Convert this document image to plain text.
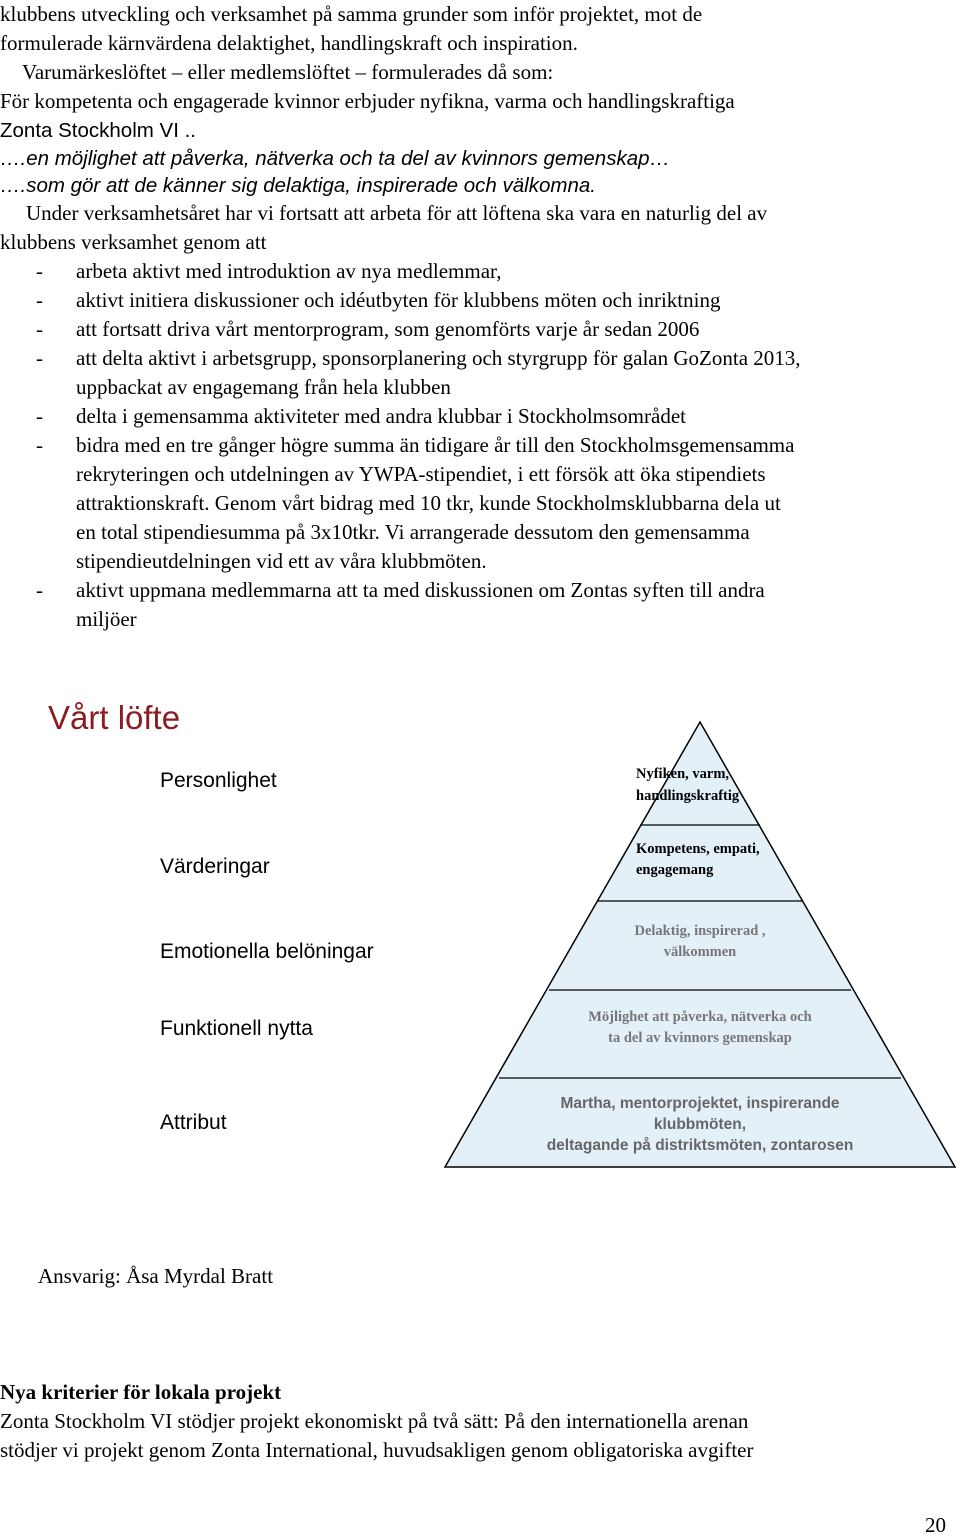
klubbens utveckling och verksamhet på samma grunder som inför projektet, mot de
formulerade kärnvärdena delaktighet, handlingskraft och inspiration.
Varumärkeslöftet – eller medlemslöftet – formulerades då som:
För kompetenta och engagerade kvinnor erbjuder nyfikna, varma och handlingskraftiga
Zonta Stockholm VI ..
….en möjlighet att påverka, nätverka och ta del av kvinnors gemenskap…
….som gör att de känner sig delaktiga, inspirerade och välkomna.
Under verksamhetsåret har vi fortsatt att arbeta för att löftena ska vara en naturlig del av
klubbens verksamhet genom att
- arbeta aktivt med introduktion av nya medlemmar,
- aktivt initiera diskussioner och idéutbyten för klubbens möten och inriktning
- att fortsatt driva vårt mentorprogram, som genomförts varje år sedan 2006
- att delta aktivt i arbetsgrupp, sponsorplanering och styrgrupp för galan GoZonta 2013,
uppbackat av engagemang från hela klubben
- delta i gemensamma aktiviteter med andra klubbar i Stockholmsområdet
- bidra med en tre gånger högre summa än tidigare år till den Stockholmsgemensamma
rekryteringen och utdelningen av YWPA-stipendiet, i ett försök att öka stipendiets
attraktionskraft. Genom vårt bidrag med 10 tkr, kunde Stockholmsklubbarna dela ut
en total stipendiesumma på 3x10tkr. Vi arrangerade dessutom den gemensamma
stipendieutdelningen vid ett av våra klubbmöten.
- aktivt uppmana medlemmarna att ta med diskussionen om Zontas syften till andra
miljöer
Vårt löfte
Personlighet
Värderingar
Emotionella belöningar
Funktionell nytta
Attribut
Nyfiken, varm,
handlingskraftig
Kompetens, empati,
engagemang
Delaktig, inspirerad ,
välkommen
Möjlighet att påverka, nätverka och
ta del av kvinnors gemenskap
Martha, mentorprojektet, inspirerande
klubbmöten,
deltagande på distriktsmöten, zontarosen
Ansvarig: Åsa Myrdal Bratt
Nya kriterier för lokala projekt
Zonta Stockholm VI stödjer projekt ekonomiskt på två sätt: På den internationella arenan
stödjer vi projekt genom Zonta International, huvudsakligen genom obligatoriska avgifter
20
